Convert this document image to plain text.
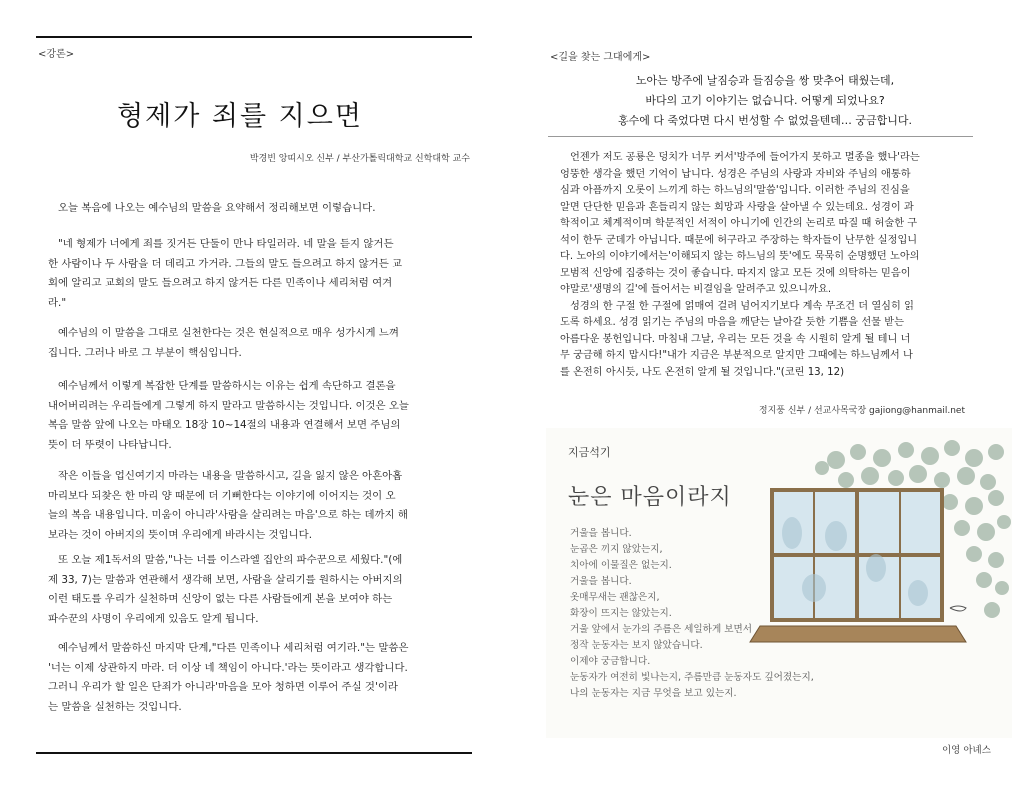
<강론>
형제가 죄를 지으면
박경빈 앙띠시오 신부 / 부산가톨릭대학교 신학대학 교수

오늘 복음에 나오는 예수님의 말씀을 요약해서 정리해보면 이렇습니다.

"네 형제가 너에게 죄를 짓거든 단둘이 만나 타일러라. 네 말을 듣지 않거든
한 사람이나 두 사람을 더 데리고 가거라. 그들의 말도 들으려고 하지 않거든 교
회에 알리고 교회의 말도 들으려고 하지 않거든 다른 민족이나 세리처럼 여겨
라."

예수님의 이 말씀을 그대로 실천한다는 것은 현실적으로 매우 성가시게 느껴
집니다. 그러나 바로 그 부분이 핵심입니다.

예수님께서 이렇게 복잡한 단계를 말씀하시는 이유는 쉽게 속단하고 결론을
내어버리려는 우리들에게 그렇게 하지 말라고 말씀하시는 것입니다. 이것은 오늘
복음 말씀 앞에 나오는 마태오 18장 10~14절의 내용과 연결해서 보면 주님의
뜻이 더 뚜렷이 나타납니다.

작은 이들을 업신여기지 마라는 내용을 말씀하시고, 길을 잃지 않은 아흔아홉
마리보다 되찾은 한 마리 양 때문에 더 기뻐한다는 이야기에 이어지는 것이 오
늘의 복음 내용입니다. 미움이 아니라'사람을 살리려는 마음'으로 하는 데까지 해
보라는 것이 아버지의 뜻이며 우리에게 바라시는 것입니다.

또 오늘 제1독서의 말씀,"나는 너를 이스라엘 집안의 파수꾼으로 세웠다."(에
제 33, 7)는 말씀과 연관해서 생각해 보면, 사람을 살리기를 원하시는 아버지의
이런 태도를 우리가 실천하며 신앙이 없는 다른 사람들에게 본을 보여야 하는
파수꾼의 사명이 우리에게 있음도 알게 됩니다.

예수님께서 말씀하신 마지막 단계,"다른 민족이나 세리처럼 여기라."는 말씀은
'너는 이제 상관하지 마라. 더 이상 네 책임이 아니다.'라는 뜻이라고 생각합니다.
그러니 우리가 할 일은 단죄가 아니라'마음을 모아 청하면 이루어 주실 것'이라
는 말씀을 실천하는 것입니다.

<길을 찾는 그대에게>
노아는 방주에 날짐승과 들짐승을 쌍 맞추어 태웠는데,
바다의 고기 이야기는 없습니다. 어떻게 되었나요?
홍수에 다 죽었다면 다시 번성할 수 없었을텐데… 궁금합니다.
언젠가 저도 공룡은 덩치가 너무 커서'방주에 들어가지 못하고 멸종을 했나'라는
엉뚱한 생각을 했던 기억이 납니다. 성경은 주님의 사랑과 자비와 주님의 애통하
심과 아픔까지 오롯이 느끼게 하는 하느님의'말씀'입니다. 이러한 주님의 진심을
알면 단단한 믿음과 흔들리지 않는 희망과 사랑을 살아낼 수 있는데요. 성경이 과
학적이고 체계적이며 학문적인 서적이 아니기에 인간의 논리로 따질 때 허술한 구
석이 한두 군데가 아닙니다. 때문에 허구라고 주장하는 학자들이 난무한 실정입니
다. 노아의 이야기에서는'이해되지 않는 하느님의 뜻'에도 묵묵히 순명했던 노아의
모범적 신앙에 집중하는 것이 좋습니다. 따지지 않고 모든 것에 의탁하는 믿음이
야말로'생명의 길'에 들어서는 비결임을 알려주고 있으니까요.
성경의 한 구절 한 구절에 얽매여 걸려 넘어지기보다 계속 무조건 더 열심히 읽
도록 하세요. 성경 읽기는 주님의 마음을 깨닫는 날아갈 듯한 기쁨을 선물 받는
아름다운 봉헌입니다. 마침내 그날, 우리는 모든 것을 속 시원히 알게 될 테니 너
무 궁금해 하지 맙시다!"내가 지금은 부분적으로 알지만 그때에는 하느님께서 나
를 온전히 아시듯, 나도 온전히 알게 될 것입니다."(코린 13, 12)
정지풍 신부 / 선교사목국장 gajiong@hanmail.net
지금석기
눈은 마음이라지
거울을 봅니다.
눈곱은 끼지 않았는지,
치아에 이물질은 없는지.
거울을 봅니다.
옷매무새는 괜찮은지,
화장이 뜨지는 않았는지.
거울 앞에서 눈가의 주름은 세일하게 보면서
정작 눈동자는 보지 않았습니다.
이제야 궁금합니다.
눈동자가 여전히 빛나는지, 주름만큼 눈동자도 깊어졌는지,
나의 눈동자는 지금 무엇을 보고 있는지.
이영 아녜스
